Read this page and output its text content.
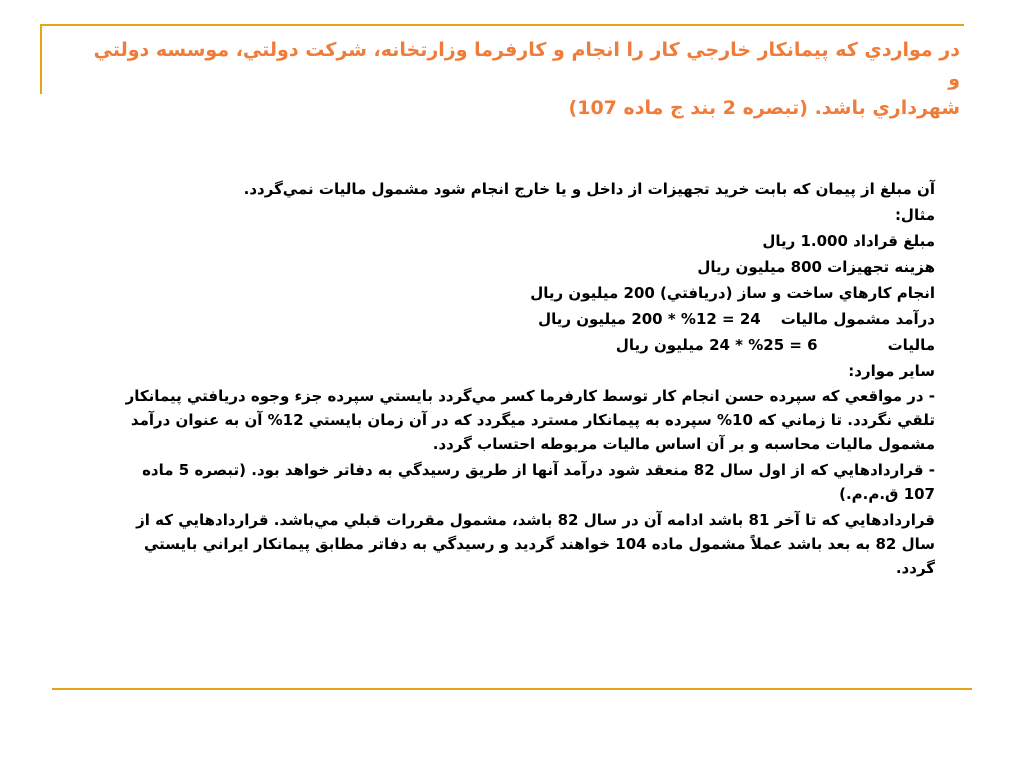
در مواردي که پيمانکار خارجي کار را انجام و کارفرما وزارتخانه، شرکت دولتي، موسسه دولتي و
شهرداري باشد. (تبصره 2 بند ج ماده 107)
آن مبلغ از پيمان که بابت خريد تجهيزات از داخل و يا خارج انجام شود مشمول ماليات نمي‌گردد.
مثال:
مبلغ قراداد 1.000 ريال
هزينه تجهيزات 800 ميليون ريال
انجام کارهاي ساخت و ساز (دريافتي) 200 ميليون ريال
درآمد مشمول ماليات24 = 12% * 200 ميليون ريال
ماليات6 = 25% * 24 ميليون ريال
ساير موارد:
- در مواقعي که سپرده حسن انجام کار توسط کارفرما کسر مي‌گردد بايستي سپرده جزء وجوه دريافتي پيمانکار تلقي نگردد. تا زماني که 10% سپرده به پيمانکار مسترد ميگردد که در آن زمان بايستي 12% آن به عنوان درآمد مشمول ماليات محاسبه و بر آن اساس ماليات مربوطه احتساب گردد.
- قراردادهايي که از اول سال 82 منعقد شود درآمد آنها از طريق رسيدگي به دفاتر خواهد بود. (تبصره 5 ماده 107 ق.م.م.)
قراردادهايي که تا آخر 81 باشد ادامه آن در سال 82 باشد، مشمول مقررات قبلي مي‌باشد. قراردادهايي که از سال 82 به بعد باشد عملاً مشمول ماده 104 خواهند گرديد و رسيدگي به دفاتر مطابق پيمانکار ايراني بايستي گردد.
